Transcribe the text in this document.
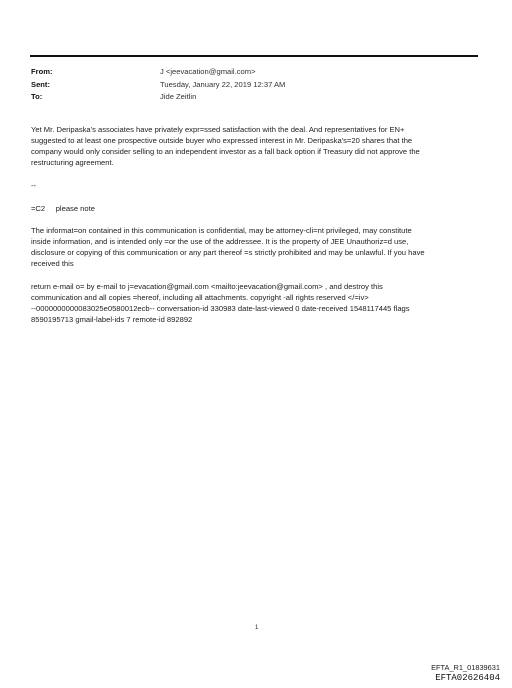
From:	J <jeevacation@gmail.com>
Sent:	Tuesday, January 22, 2019 12:37 AM
To:	Jide Zeitlin
Yet Mr. Deripaska's associates have privately expr=ssed satisfaction with the deal. And representatives for EN+
suggested to at least one prospective outside buyer who expressed interest in Mr. Deripaska's=20 shares that the
company would only consider selling to an independent investor as a fall back option if Treasury did not approve the
restructuring agreement.
--
=C2     please note
The informat=on contained in this communication is confidential, may be attorney-cli=nt privileged, may constitute
inside information, and is intended only =or the use of the addressee. It is the property of JEE Unauthoriz=d use,
disclosure or copying of this communication or any part thereof =s strictly prohibited and may be unlawful. If you have
received this
return e-mail o= by e-mail to j=evacation@gmail.com <mailto:jeevacation@gmail.com> , and destroy this
communication and all copies =hereof, including all attachments. copyright -all rights reserved </=iv>
--0000000000083025e0580012ecb-- conversation-id 330983 date-last-viewed 0 date-received 1548117445 flags
8590195713 gmail-label-ids 7 remote-id 892892
1
EFTA_R1_01839631
EFTA02626404
